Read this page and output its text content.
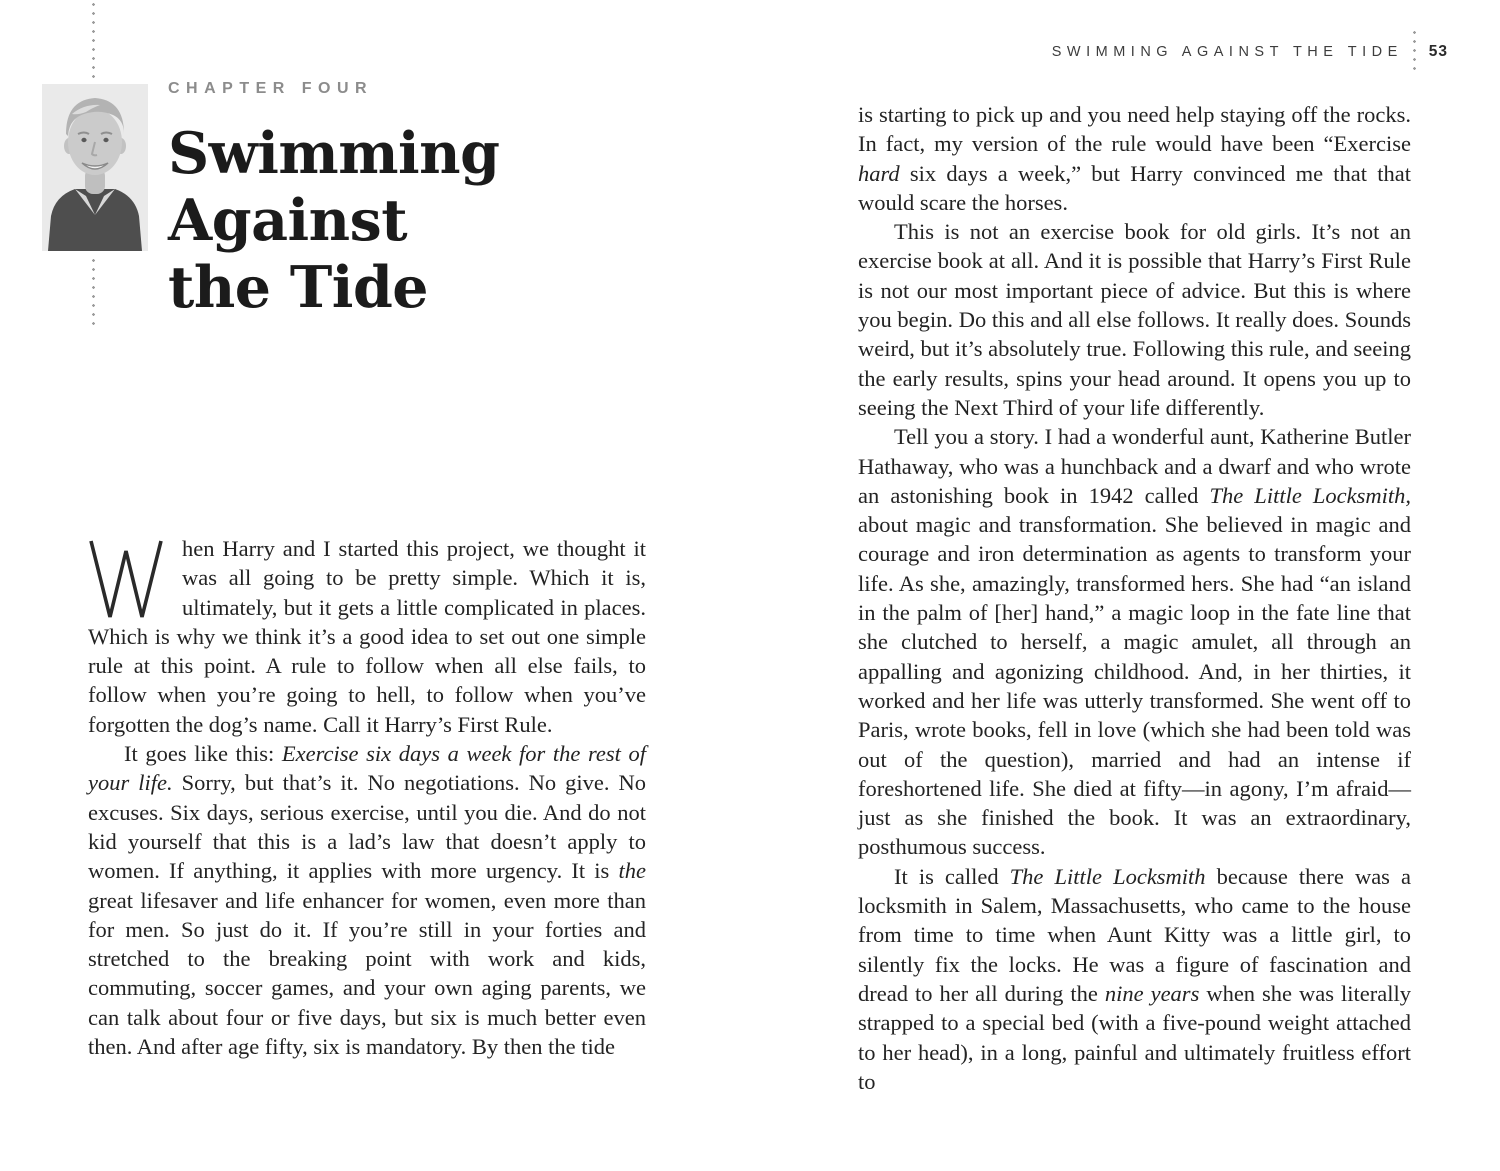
CHAPTER FOUR
Swimming
Against
the Tide

hen Harry and I started this project, we thought it was all going to be pretty simple. Which it is, ultimately, but it gets a little complicated in places. Which is why we think it’s a good idea to set out one simple rule at this point. A rule to follow when all else fails, to follow when you’re going to hell, to follow when you’ve forgotten the dog’s name. Call it Harry’s First Rule.

It goes like this: Exercise six days a week for the rest of your life. Sorry, but that’s it. No negotiations. No give. No excuses. Six days, serious exercise, until you die. And do not kid yourself that this is a lad’s law that doesn’t apply to women. If anything, it applies with more urgency. It is the great lifesaver and life enhancer for women, even more than for men. So just do it. If you’re still in your forties and stretched to the breaking point with work and kids, commuting, soccer games, and your own aging parents, we can talk about four or five days, but six is much better even then. And after age fifty, six is mandatory. By then the tide

SWIMMING AGAINST THE TIDE 53

is starting to pick up and you need help staying off the rocks. In fact, my version of the rule would have been “Exercise hard six days a week,” but Harry convinced me that that would scare the horses.

This is not an exercise book for old girls. It’s not an exercise book at all. And it is possible that Harry’s First Rule is not our most important piece of advice. But this is where you begin. Do this and all else follows. It really does. Sounds weird, but it’s absolutely true. Following this rule, and seeing the early results, spins your head around. It opens you up to seeing the Next Third of your life differently.

Tell you a story. I had a wonderful aunt, Katherine Butler Hathaway, who was a hunchback and a dwarf and who wrote an astonishing book in 1942 called The Little Locksmith, about magic and transformation. She believed in magic and courage and iron determination as agents to transform your life. As she, amazingly, transformed hers. She had “an island in the palm of [her] hand,” a magic loop in the fate line that she clutched to herself, a magic amulet, all through an appalling and agonizing childhood. And, in her thirties, it worked and her life was utterly transformed. She went off to Paris, wrote books, fell in love (which she had been told was out of the question), married and had an intense if foreshortened life. She died at fifty—in agony, I’m afraid—just as she finished the book. It was an extraordinary, posthumous success.

It is called The Little Locksmith because there was a locksmith in Salem, Massachusetts, who came to the house from time to time when Aunt Kitty was a little girl, to silently fix the locks. He was a figure of fascination and dread to her all during the nine years when she was literally strapped to a special bed (with a five-pound weight attached to her head), in a long, painful and ultimately fruitless effort to
